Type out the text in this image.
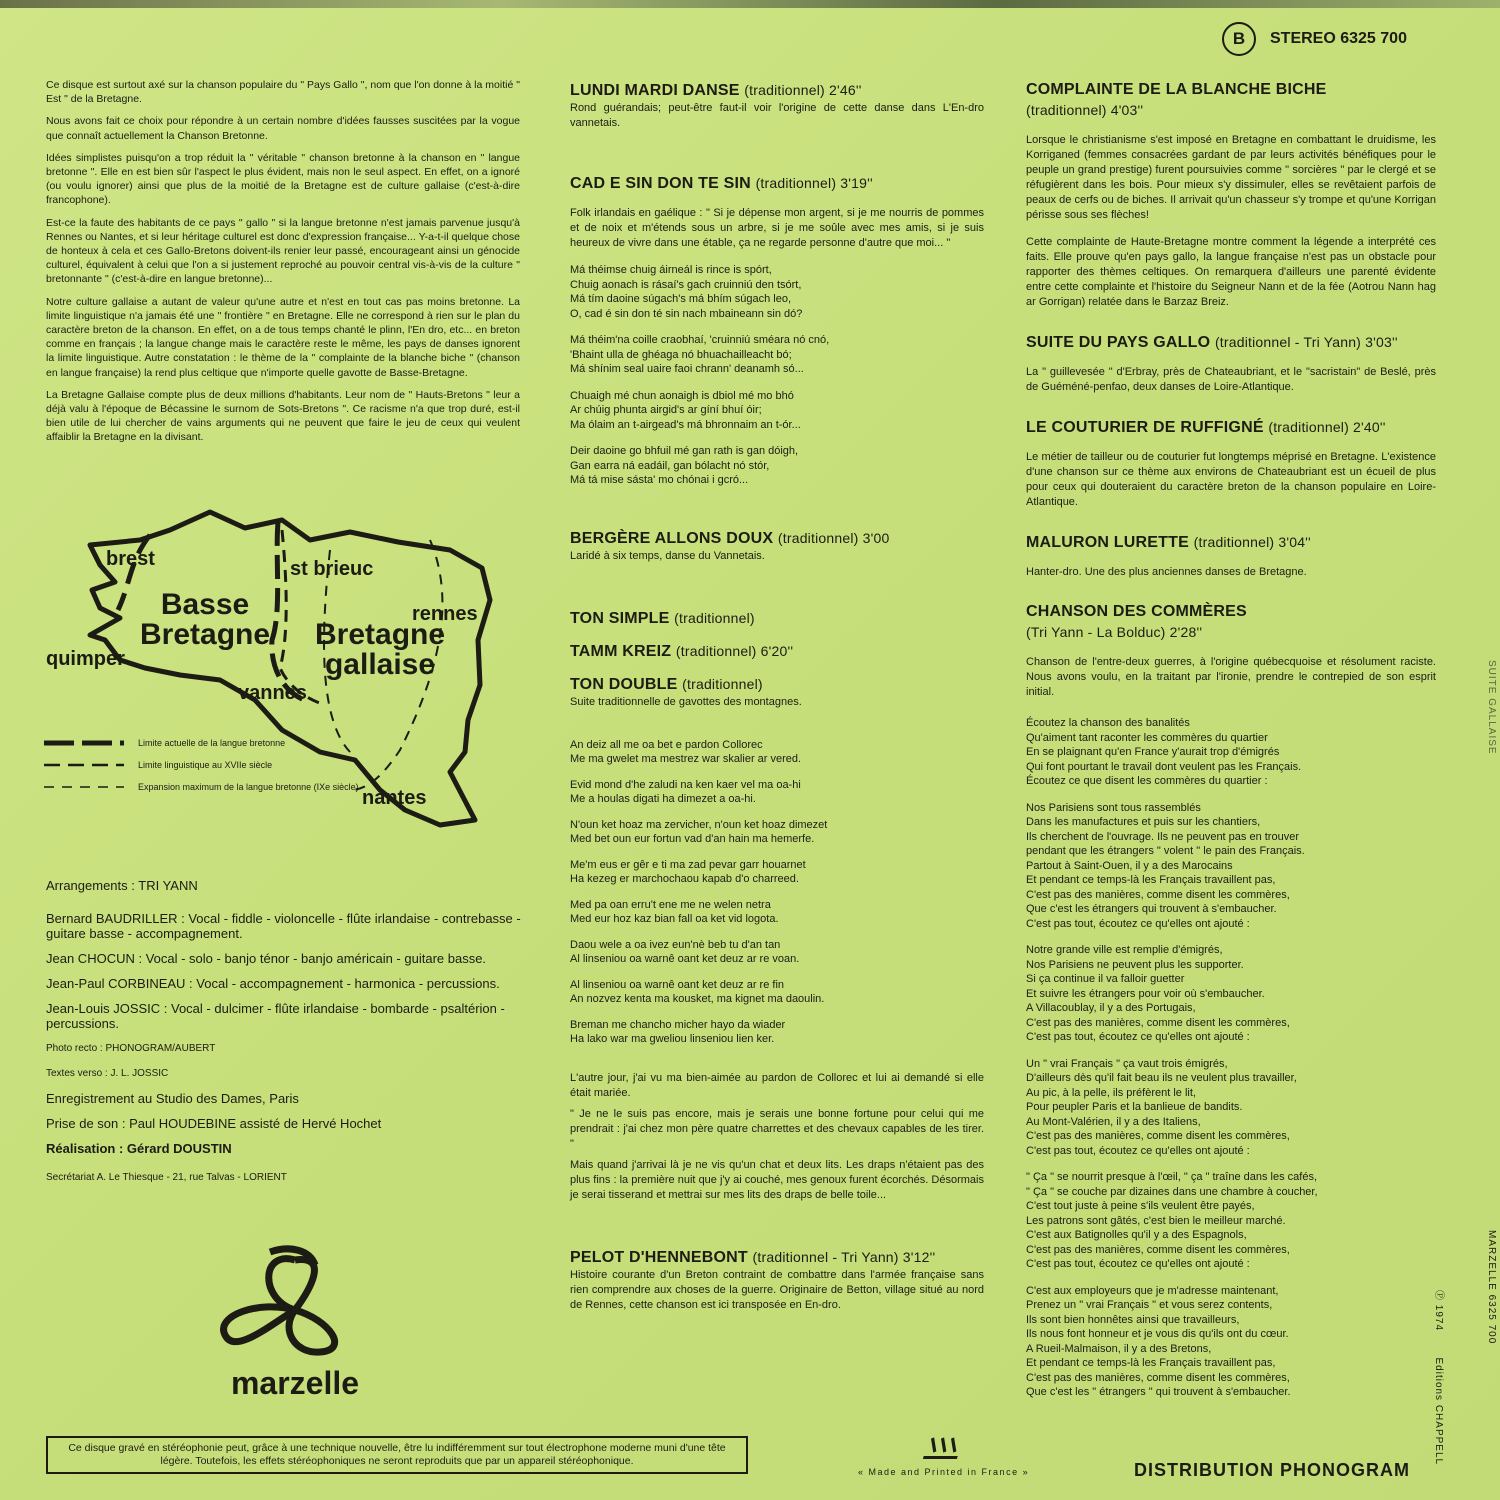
B	STEREO 6325 700

Ce disque est surtout axé sur la chanson populaire du " Pays Gallo ", nom que l'on donne à la moitié " Est " de la Bretagne.

Nous avons fait ce choix pour répondre à un certain nombre d'idées fausses suscitées par la vogue que connaît actuellement la Chanson Bretonne.

Idées simplistes puisqu'on a trop réduit la " véritable " chanson bretonne à la chanson en " langue bretonne ". Elle en est bien sûr l'aspect le plus évident, mais non le seul aspect. En effet, on a ignoré (ou voulu ignorer) ainsi que plus de la moitié de la Bretagne est de culture gallaise (c'est-à-dire francophone).

Est-ce la faute des habitants de ce pays " gallo " si la langue bretonne n'est jamais parvenue jusqu'à Rennes ou Nantes, et si leur héritage culturel est donc d'expression française... Y-a-t-il quelque chose de honteux à cela et ces Gallo-Bretons doivent-ils renier leur passé, encourageant ainsi un génocide culturel, équivalent à celui que l'on a si justement reproché au pouvoir central vis-à-vis de la culture " bretonnante " (c'est-à-dire en langue bretonne)...

Notre culture gallaise a autant de valeur qu'une autre et n'est en tout cas pas moins bretonne. La limite linguistique n'a jamais été une " frontière " en Bretagne. Elle ne correspond à rien sur le plan du caractère breton de la chanson. En effet, on a de tous temps chanté le plinn, l'En dro, etc... en breton comme en français ; la langue change mais le caractère reste le même, les pays de danses ignorent la limite linguistique. Autre constatation : le thème de la " complainte de la blanche biche " (chanson en langue française) la rend plus celtique que n'importe quelle gavotte de Basse-Bretagne.

La Bretagne Gallaise compte plus de deux millions d'habitants. Leur nom de " Hauts-Bretons " leur a déjà valu à l'époque de Bécassine le surnom de Sots-Bretons ". Ce racisme n'a que trop duré, est-il bien utile de lui chercher de vains arguments qui ne peuvent que faire le jeu de ceux qui veulent affaiblir la Bretagne en la divisant.

brest	st brieuc
rennes
quimper
vannes
nantes
Basse
Bretagne Bretagne
gallaise
Limite actuelle de la langue bretonne
Limite linguistique au XVIIe siècle
Expansion maximum de la langue bretonne (IXe siècle)

Arrangements : TRI YANN

Bernard BAUDRILLER : Vocal - fiddle - violoncelle - flûte irlandaise - contrebasse - guitare basse - accompagnement.

Jean CHOCUN : Vocal - solo - banjo ténor - banjo américain - guitare basse.

Jean-Paul CORBINEAU : Vocal - accompagnement - harmonica - percussions.

Jean-Louis JOSSIC : Vocal - dulcimer - flûte irlandaise - bombarde - psaltérion - percussions.

Photo recto : PHONOGRAM/AUBERT

Textes verso : J. L. JOSSIC

Enregistrement au Studio des Dames, Paris

Prise de son : Paul HOUDEBINE assisté de Hervé Hochet

Réalisation : Gérard DOUSTIN

Secrétariat A. Le Thiesque - 21, rue Talvas - LORIENT

marzelle
Ce disque gravé en stéréophonie peut, grâce à une technique nouvelle, être lu indifféremment sur tout électrophone moderne muni d'une tête légère. Toutefois, les effets stéréophoniques ne seront reproduits que par un appareil stéréophonique.
« Made and Printed in France »	DISTRIBUTION PHONOGRAM
LUNDI MARDI DANSE (traditionnel) 2'46''

Rond guérandais; peut-être faut-il voir l'origine de cette danse dans L'En-dro vannetais.

CAD E SIN DON TE SIN (traditionnel) 3'19''

Folk irlandais en gaélique : " Si je dépense mon argent, si je me nourris de pommes et de noix et m'étends sous un arbre, si je me soûle avec mes amis, si je suis heureux de vivre dans une étable, ça ne regarde personne d'autre que moi... "

Má théimse chuig áirneál is rince is spórt,
Chuig aonach is rásaí's gach cruinniú den tsórt,
Má tím daoine súgach's má bhím súgach leo,
O, cad é sin don té sin nach mbaineann sin dó?

Má théim'na coille craobhaí, 'cruinniú sméara nó cnó,
'Bhaint ulla de ghéaga nó bhuachaillеacht bó;
Má shínim seal uaire faoi chrann' deanamh só...

Chuaigh mé chun aonaigh is dbiol mé mo bhó
Ar chúig phunta airgid's ar gíní bhuí óir;
Ma ólaim an t-airgead's má bhronnaim an t-ór...

Deir daoine go bhfuil mé gan rath is gan dóigh,
Gan earra ná eadáil, gan bólacht nó stór,
Má tá mise sásta' mo chónai i gcró...

BERGÈRE ALLONS DOUX (traditionnel) 3'00

Laridé à six temps, danse du Vannetais.

TON SIMPLE (traditionnel)
TAMM KREIZ (traditionnel) 6'20''
TON DOUBLE (traditionnel)

Suite traditionnelle de gavottes des montagnes.

An deiz all me oa bet e pardon Collorec
Me ma gwelet ma mestrez war skalier ar vered.

Evid mond d'he zaludi na ken kaer vel ma oa-hi
Me a houlas digati ha dimezet a oa-hi.

N'oun ket hoaz ma zervicher, n'oun ket hoaz dimezet
Med bet oun eur fortun vad d'an hain ma hemerfe.

Me'm eus er gêr e ti ma zad pevar garr houarnet
Ha kezeg er marchochaou kapab d'o charreed.

Med pa oan erru't ene me ne welen netra
Med eur hoz kaz bian fall oa ket vid logota.

Daou wele a oa ivez eun'nè beb tu d'an tan
Al linseniou oa warnê oant ket deuz ar re voan.

Al linseniou oa warnê oant ket deuz ar re fin
An nozvez kenta ma kousket, ma kignet ma daoulin.

Breman me chancho micher hayo da wiader
Ha lako war ma gweliou linseniou lien ker.

L'autre jour, j'ai vu ma bien-aimée au pardon de Collorec et lui ai demandé si elle était mariée.

" Je ne le suis pas encore, mais je serais une bonne fortune pour celui qui me prendrait : j'ai chez mon père quatre charrettes et des chevaux capables de les tirer. "

Mais quand j'arrivai là je ne vis qu'un chat et deux lits. Les draps n'étaient pas des plus fins : la première nuit que j'y ai couché, mes genoux furent écorchés. Désormais je serai tisserand et mettrai sur mes lits des draps de belle toile...

PELOT D'HENNEBONT (traditionnel - Tri Yann) 3'12''

Histoire courante d'un Breton contraint de combattre dans l'armée française sans rien comprendre aux choses de la guerre. Originaire de Betton, village situé au nord de Rennes, cette chanson est ici transposée en En-dro.

COMPLAINTE DE LA BLANCHE BICHE
(traditionnel) 4'03''

Lorsque le christianisme s'est imposé en Bretagne en combattant le druidisme, les Korriganed (femmes consacrées gardant de par leurs activités bénéfiques pour le peuple un grand prestige) furent poursuivies comme " sorcières " par le clergé et se réfugièrent dans les bois. Pour mieux s'y dissimuler, elles se revêtaient parfois de peaux de cerfs ou de biches. Il arrivait qu'un chasseur s'y trompe et qu'une Korrigan périsse sous ses flèches!

Cette complainte de Haute-Bretagne montre comment la légende a interprété ces faits. Elle prouve qu'en pays gallo, la langue française n'est pas un obstacle pour rapporter des thèmes celtiques. On remarquera d'ailleurs une parenté évidente entre cette complainte et l'histoire du Seigneur Nann et de la fée (Aotrou Nann hag ar Gorrigan) relatée dans le Barzaz Breiz.

SUITE DU PAYS GALLO (traditionnel - Tri Yann) 3'03''

La " guillevesée " d'Erbray, près de Chateaubriant, et le "sacristain" de Beslé, près de Guéméné-penfao, deux danses de Loire-Atlantique.

LE COUTURIER DE RUFFIGNÉ (traditionnel) 2'40''

Le métier de tailleur ou de couturier fut longtemps méprisé en Bretagne. L'existence d'une chanson sur ce thème aux environs de Chateaubriant est un écueil de plus pour ceux qui douteraient du caractère breton de la chanson populaire en Loire-Atlantique.

MALURON LURETTE (traditionnel) 3'04''

Hanter-dro. Une des plus anciennes danses de Bretagne.

CHANSON DES COMMÈRES
(Tri Yann - La Bolduc) 2'28''

Chanson de l'entre-deux guerres, à l'origine québecquoise et résolument raciste. Nous avons voulu, en la traitant par l'ironie, prendre le contrepied de son esprit initial.

Écoutez la chanson des banalités
Qu'aiment tant raconter les commères du quartier
En se plaignant qu'en France y'aurait trop d'émigrés
Qui font pourtant le travail dont veulent pas les Français.
Écoutez ce que disent les commères du quartier :

Nos Parisiens sont tous rassemblés
Dans les manufactures et puis sur les chantiers,
Ils cherchent de l'ouvrage. Ils ne peuvent pas en trouver
pendant que les étrangers " volent " le pain des Français.
Partout à Saint-Ouen, il y a des Marocains
Et pendant ce temps-là les Français travaillent pas,
C'est pas des manières, comme disent les commères,
Que c'est les étrangers qui trouvent à s'embaucher.
C'est pas tout, écoutez ce qu'elles ont ajouté :

Notre grande ville est remplie d'émigrés,
Nos Parisiens ne peuvent plus les supporter.
Si ça continue il va falloir guetter
Et suivre les étrangers pour voir où s'embaucher.
A Villacoublay, il y a des Portugais,
C'est pas des manières, comme disent les commères,
C'est pas tout, écoutez ce qu'elles ont ajouté :

Un " vrai Français " ça vaut trois émigrés,
D'ailleurs dès qu'il fait beau ils ne veulent plus travailler,
Au pic, à la pelle, ils préfèrent le lit,
Pour peupler Paris et la banlieue de bandits.
Au Mont-Valérien, il y a des Italiens,
C'est pas des manières, comme disent les commères,
C'est pas tout, écoutez ce qu'elles ont ajouté :

" Ça " se nourrit presque à l'œil, " ça " traîne dans les cafés,
" Ça " se couche par dizaines dans une chambre à coucher,
C'est tout juste à peine s'ils veulent être payés,
Les patrons sont gâtés, c'est bien le meilleur marché.
C'est aux Batignolles qu'il y a des Espagnols,
C'est pas des manières, comme disent les commères,
C'est pas tout, écoutez ce qu'elles ont ajouté :

C'est aux employeurs que je m'adresse maintenant,
Prenez un " vrai Français " et vous serez contents,
Ils sont bien honnêtes ainsi que travailleurs,
Ils nous font honneur et je vous dis qu'ils ont du cœur.
A Rueil-Malmaison, il y a des Bretons,
Et pendant ce temps-là les Français travaillent pas,
C'est pas des manières, comme disent les commères,
Que c'est les " étrangers " qui trouvent à s'embaucher.

Ⓟ 1974       Editions CHAPPELL
SUITE GALLAISE
MARZELLE 6325 700
